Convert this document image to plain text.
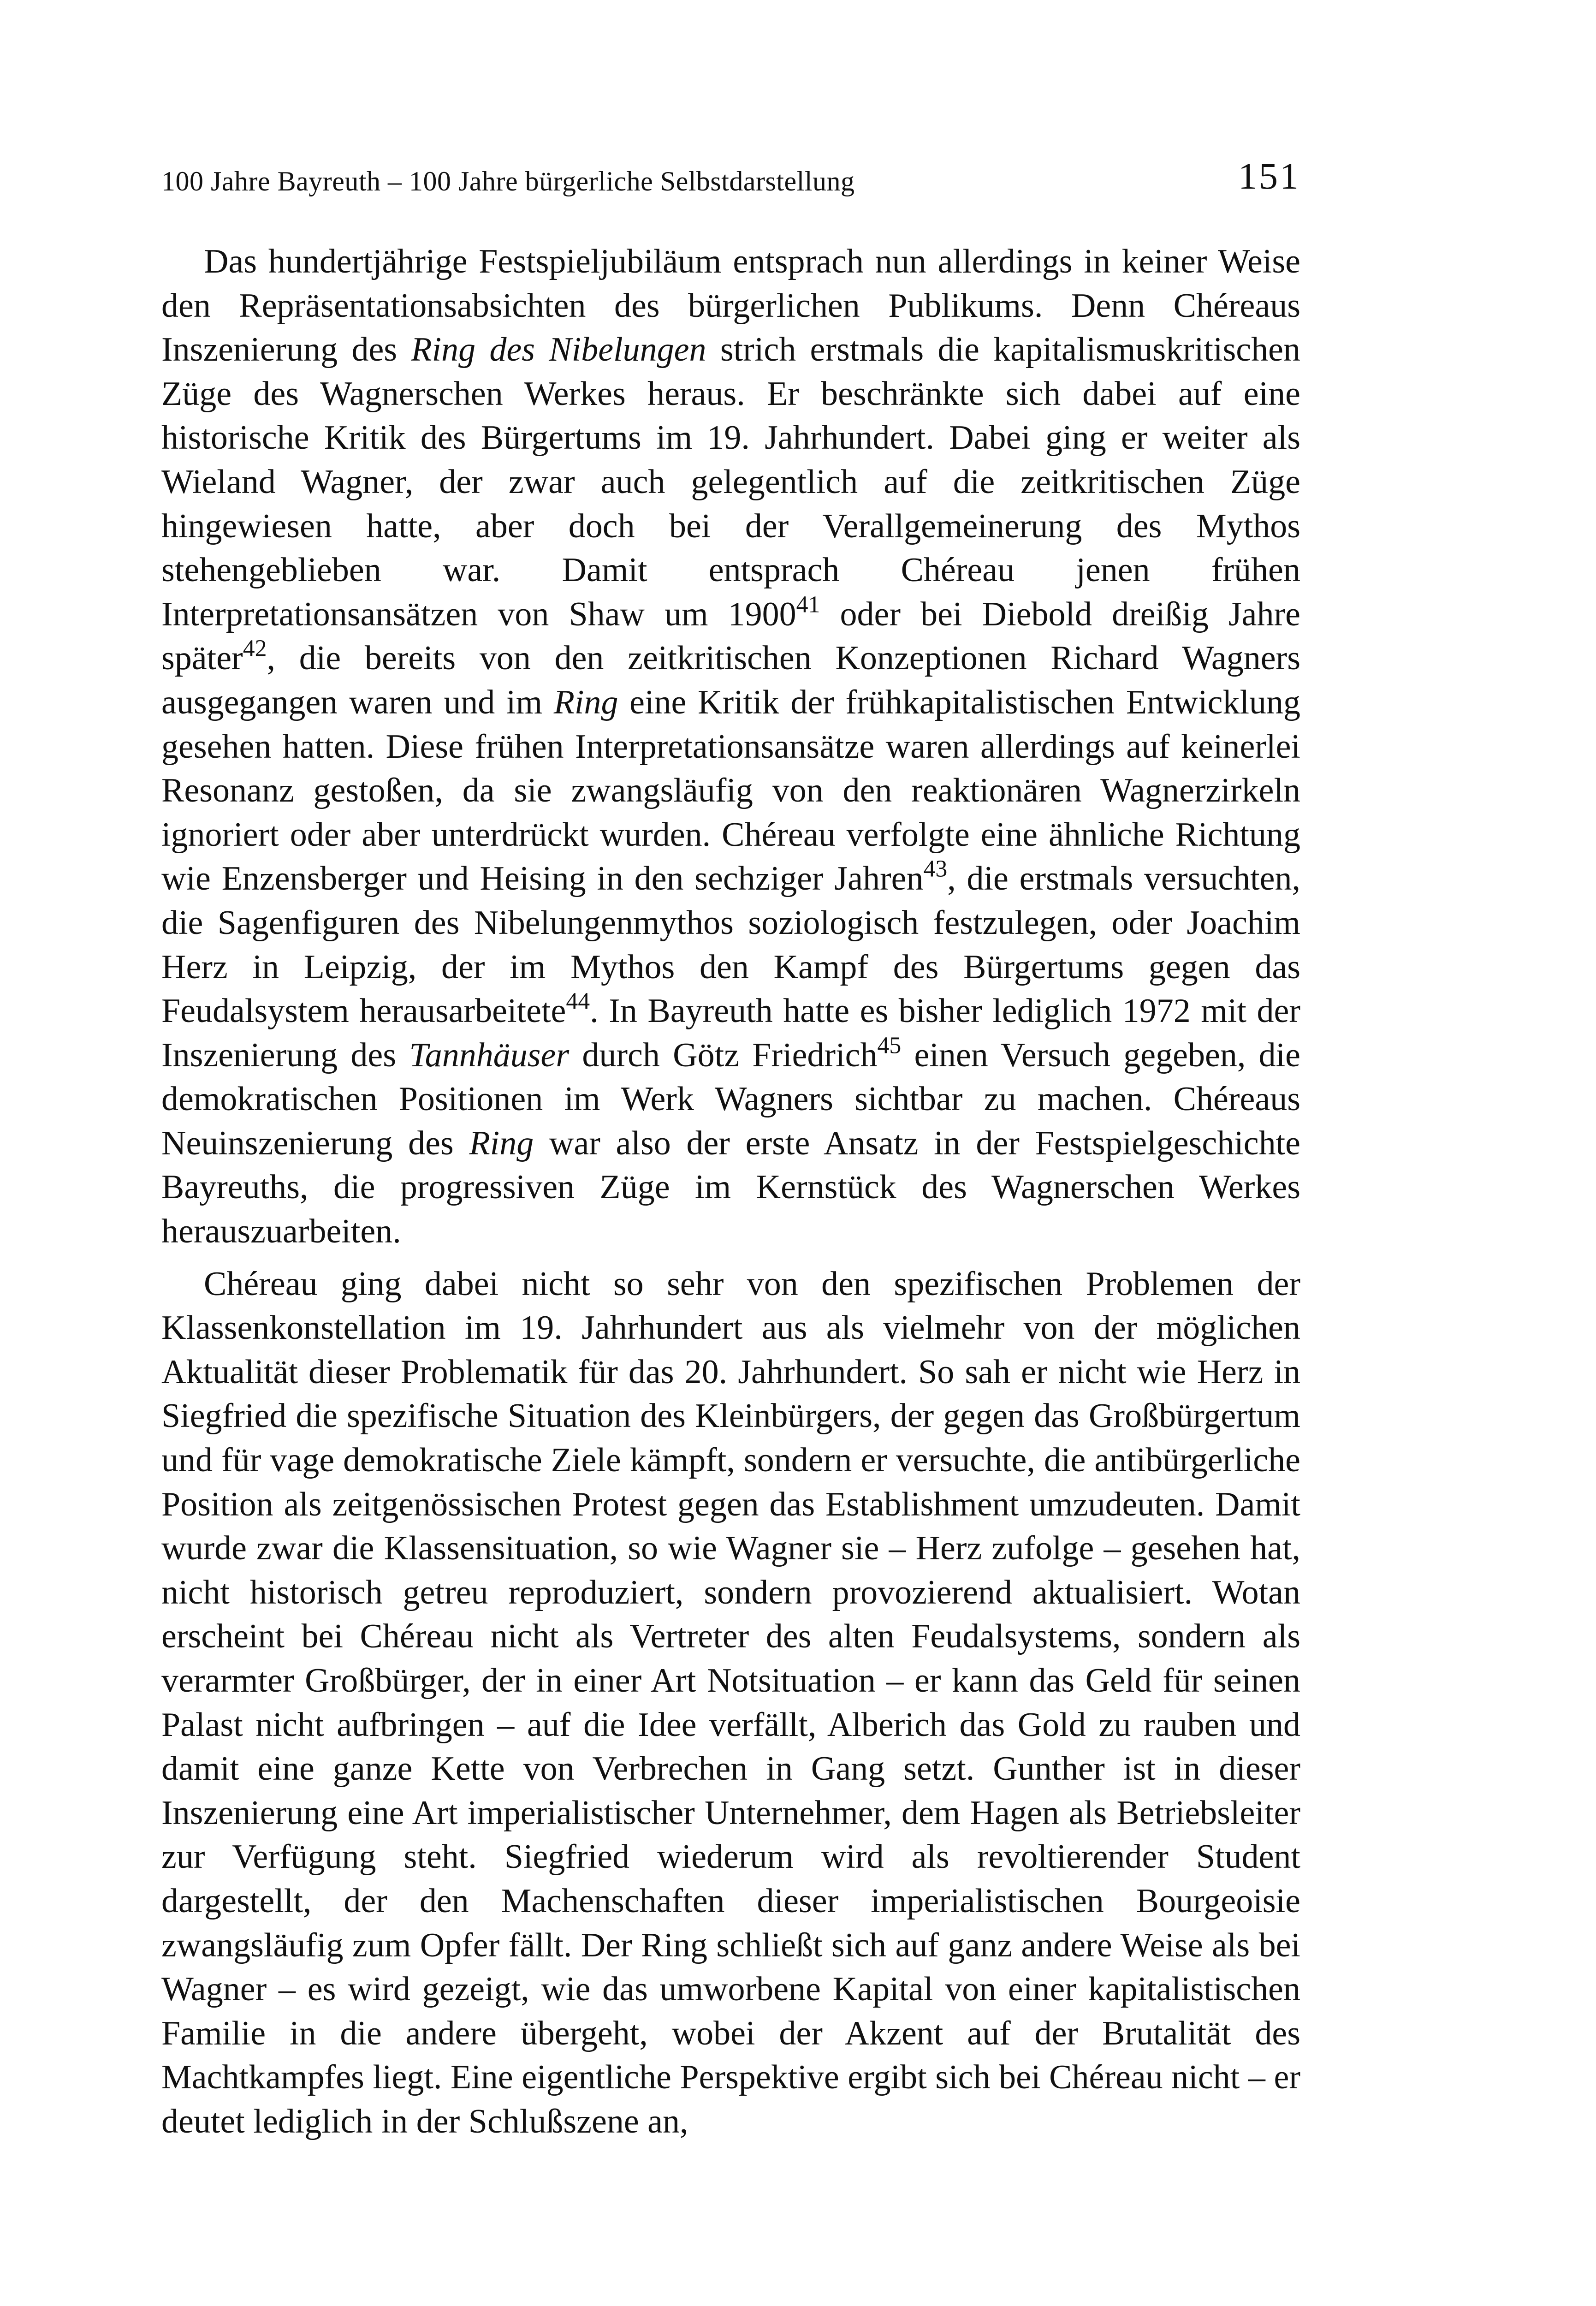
100 Jahre Bayreuth – 100 Jahre bürgerliche Selbstdarstellung	151

Das hundertjährige Festspieljubiläum entsprach nun allerdings in keiner Weise den Repräsentationsabsichten des bürgerlichen Publikums. Denn Chéreaus Inszenierung des Ring des Nibelungen strich erstmals die kapitalismuskritischen Züge des Wagnerschen Werkes heraus. Er beschränkte sich dabei auf eine historische Kritik des Bürgertums im 19. Jahrhundert. Dabei ging er weiter als Wieland Wagner, der zwar auch gelegentlich auf die zeitkritischen Züge hingewiesen hatte, aber doch bei der Verallgemeinerung des Mythos stehengeblieben war. Damit entsprach Chéreau jenen frühen Interpretationsansätzen von Shaw um 1900$^{41}$ oder bei Diebold dreißig Jahre später$^{42}$, die bereits von den zeitkritischen Konzeptionen Richard Wagners ausgegangen waren und im Ring eine Kritik der frühkapitalistischen Entwicklung gesehen hatten. Diese frühen Interpretationsansätze waren allerdings auf keinerlei Resonanz gestoßen, da sie zwangsläufig von den reaktionären Wagnerzirkeln ignoriert oder aber unterdrückt wurden. Chéreau verfolgte eine ähnliche Richtung wie Enzensberger und Heising in den sechziger Jahren$^{43}$, die erstmals versuchten, die Sagenfiguren des Nibelungenmythos soziologisch festzulegen, oder Joachim Herz in Leipzig, der im Mythos den Kampf des Bürgertums gegen das Feudalsystem herausarbeitete$^{44}$. In Bayreuth hatte es bisher lediglich 1972 mit der Inszenierung des Tannhäuser durch Götz Friedrich$^{45}$ einen Versuch gegeben, die demokratischen Positionen im Werk Wagners sichtbar zu machen. Chéreaus Neuinszenierung des Ring war also der erste Ansatz in der Festspielgeschichte Bayreuths, die progressiven Züge im Kernstück des Wagnerschen Werkes herauszuarbeiten.

Chéreau ging dabei nicht so sehr von den spezifischen Problemen der Klassenkonstellation im 19. Jahrhundert aus als vielmehr von der möglichen Aktualität dieser Problematik für das 20. Jahrhundert. So sah er nicht wie Herz in Siegfried die spezifische Situation des Kleinbürgers, der gegen das Großbürgertum und für vage demokratische Ziele kämpft, sondern er versuchte, die antibürgerliche Position als zeitgenössischen Protest gegen das Establishment umzudeuten. Damit wurde zwar die Klassensituation, so wie Wagner sie – Herz zufolge – gesehen hat, nicht historisch getreu reproduziert, sondern provozierend aktualisiert. Wotan erscheint bei Chéreau nicht als Vertreter des alten Feudalsystems, sondern als verarmter Großbürger, der in einer Art Notsituation – er kann das Geld für seinen Palast nicht aufbringen – auf die Idee verfällt, Alberich das Gold zu rauben und damit eine ganze Kette von Verbrechen in Gang setzt. Gunther ist in dieser Inszenierung eine Art imperialistischer Unternehmer, dem Hagen als Betriebsleiter zur Verfügung steht. Siegfried wiederum wird als revoltierender Student dargestellt, der den Machenschaften dieser imperialistischen Bourgeoisie zwangsläufig zum Opfer fällt. Der Ring schließt sich auf ganz andere Weise als bei Wagner – es wird gezeigt, wie das umworbene Kapital von einer kapitalistischen Familie in die andere übergeht, wobei der Akzent auf der Brutalität des Machtkampfes liegt. Eine eigentliche Perspektive ergibt sich bei Chéreau nicht – er deutet lediglich in der Schlußszene an,
